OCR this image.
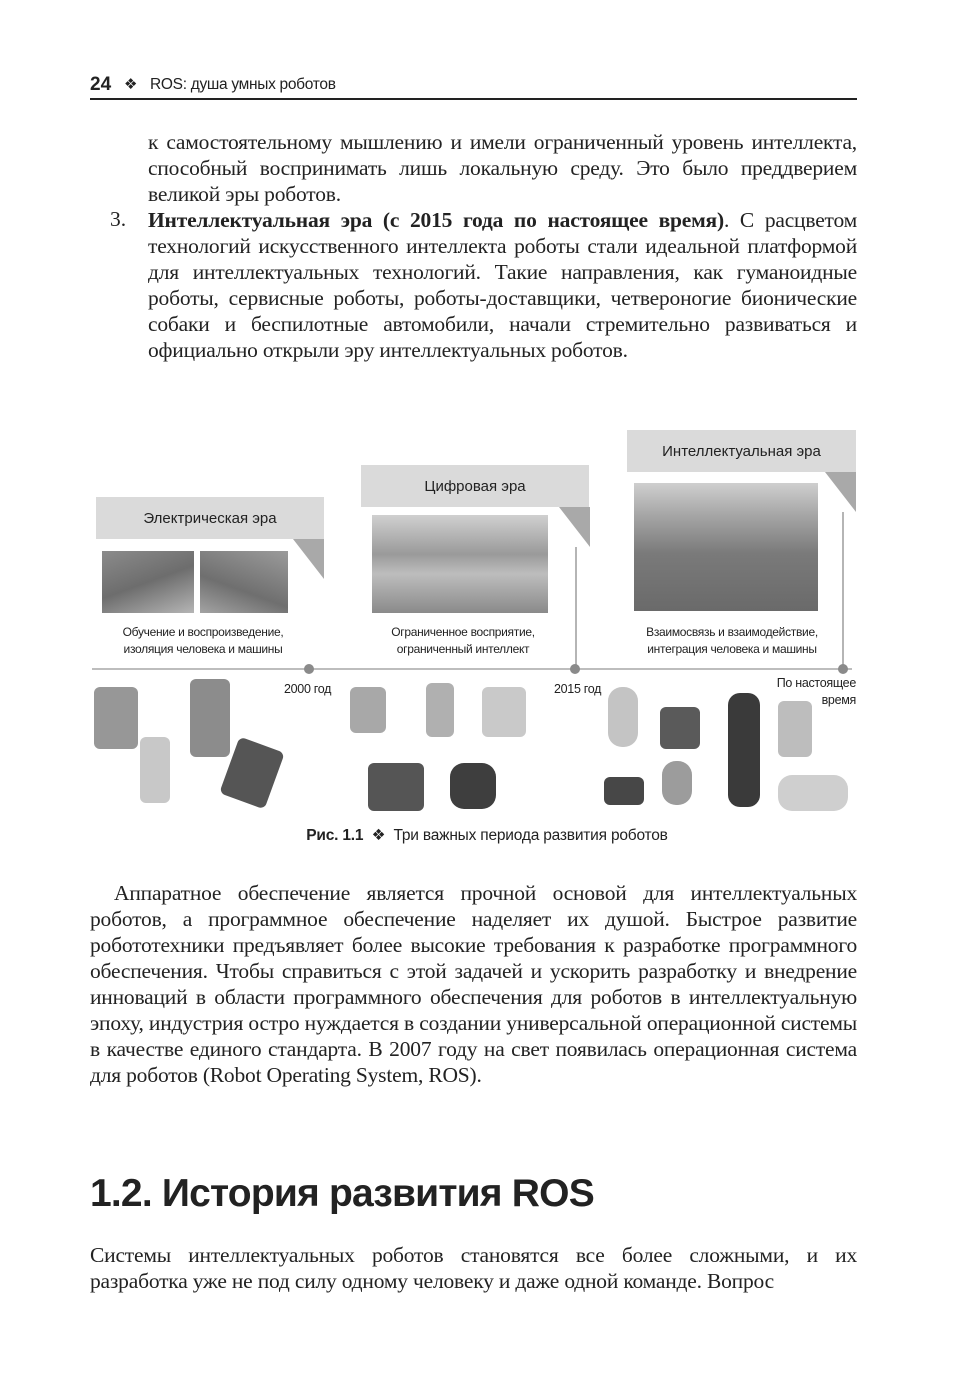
24 ❖ ROS: душа умных роботов

к самостоятельному мышлению и имели ограниченный уровень интеллекта, способный воспринимать лишь локальную среду. Это было преддверием великой эры роботов.

3. Интеллектуальная эра (с 2015 года по настоящее время). С расцветом технологий искусственного интеллекта роботы стали идеальной платформой для интеллектуальных технологий. Такие направления, как гуманоидные роботы, сервисные роботы, роботы-доставщики, четвероногие бионические собаки и беспилотные автомобили, начали стремительно развиваться и официально открыли эру интеллектуальных роботов.

Электрическая эра
Обучение и воспроизведение,
изоляция человека и машины
Цифровая эра
Ограниченное восприятие,
ограниченный интеллект
Интеллектуальная эра
Взаимосвязь и взаимодействие,
интеграция человека и машины
2000 год	2015 год	По настоящее
время
Рис. 1.1 ❖ Три важных периода развития роботов

Аппаратное обеспечение является прочной основой для интеллектуальных роботов, а программное обеспечение наделяет их душой. Быстрое развитие робототехники предъявляет более высокие требования к разработке программного обеспечения. Чтобы справиться с этой задачей и ускорить разработку и внедрение инноваций в области программного обеспечения для роботов в интеллектуальную эпоху, индустрия остро нуждается в создании универсальной операционной системы в качестве единого стандарта. В 2007 году на свет появилась операционная система для роботов (Robot Operating System, ROS).

1.2. История развития ROS

Системы интеллектуальных роботов становятся все более сложными, и их разработка уже не под силу одному человеку и даже одной команде. Вопрос
